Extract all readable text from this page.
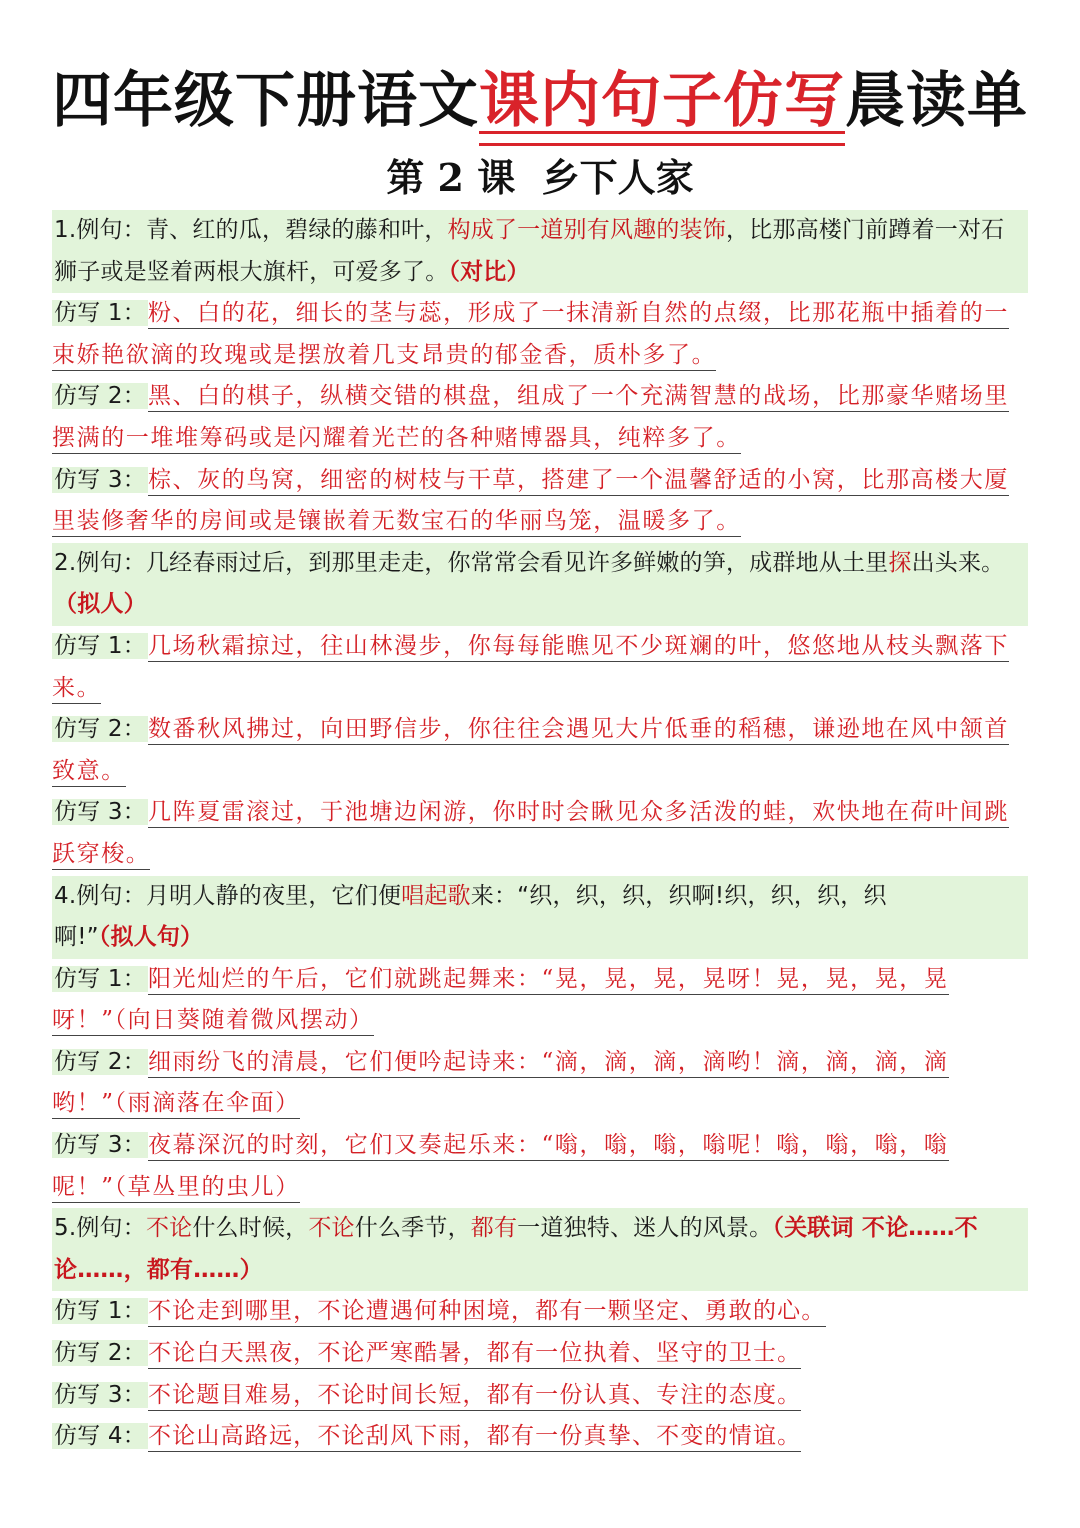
四年级下册语文课内句子仿写晨读单
第 2 课  乡下人家
1.例句：青、红的瓜，碧绿的藤和叶，构成了一道别有风趣的装饰，比那高楼门前蹲着一对石狮子或是竖着两根大旗杆，可爱多了。（对比）
仿写 1：粉、白的花，细长的茎与蕊，形成了一抹清新自然的点缀，比那花瓶中插着的一束娇艳欲滴的玫瑰或是摆放着几支昂贵的郁金香，质朴多了。
仿写 2：黑、白的棋子，纵横交错的棋盘，组成了一个充满智慧的战场，比那豪华赌场里摆满的一堆堆筹码或是闪耀着光芒的各种赌博器具，纯粹多了。
仿写 3：棕、灰的鸟窝，细密的树枝与干草，搭建了一个温馨舒适的小窝，比那高楼大厦里装修奢华的房间或是镶嵌着无数宝石的华丽鸟笼，温暖多了。
2.例句：几经春雨过后，到那里走走，你常常会看见许多鲜嫩的笋，成群地从土里探出头来。（拟人）
仿写 1：几场秋霜掠过，往山林漫步，你每每能瞧见不少斑斓的叶，悠悠地从枝头飘落下来。
仿写 2：数番秋风拂过，向田野信步，你往往会遇见大片低垂的稻穗，谦逊地在风中颔首致意。
仿写 3：几阵夏雷滚过，于池塘边闲游，你时时会瞅见众多活泼的蛙，欢快地在荷叶间跳跃穿梭。
4.例句：月明人静的夜里，它们便唱起歌来：“织，织，织，织啊!织，织，织，织啊!”（拟人句）
仿写 1：阳光灿烂的午后，它们就跳起舞来：“晃，晃，晃，晃呀！晃，晃，晃，晃呀！”（向日葵随着微风摆动）
仿写 2：细雨纷飞的清晨，它们便吟起诗来：“滴，滴，滴，滴哟！滴，滴，滴，滴哟！”（雨滴落在伞面）
仿写 3：夜幕深沉的时刻，它们又奏起乐来：“嗡，嗡，嗡，嗡呢！嗡，嗡，嗡，嗡呢！”（草丛里的虫儿）
5.例句：不论什么时候，不论什么季节，都有一道独特、迷人的风景。（关联词 不论……不论……，都有……）
仿写 1：不论走到哪里，不论遭遇何种困境，都有一颗坚定、勇敢的心。
仿写 2：不论白天黑夜，不论严寒酷暑，都有一位执着、坚守的卫士。
仿写 3：不论题目难易，不论时间长短，都有一份认真、专注的态度。
仿写 4：不论山高路远，不论刮风下雨，都有一份真挚、不变的情谊。
